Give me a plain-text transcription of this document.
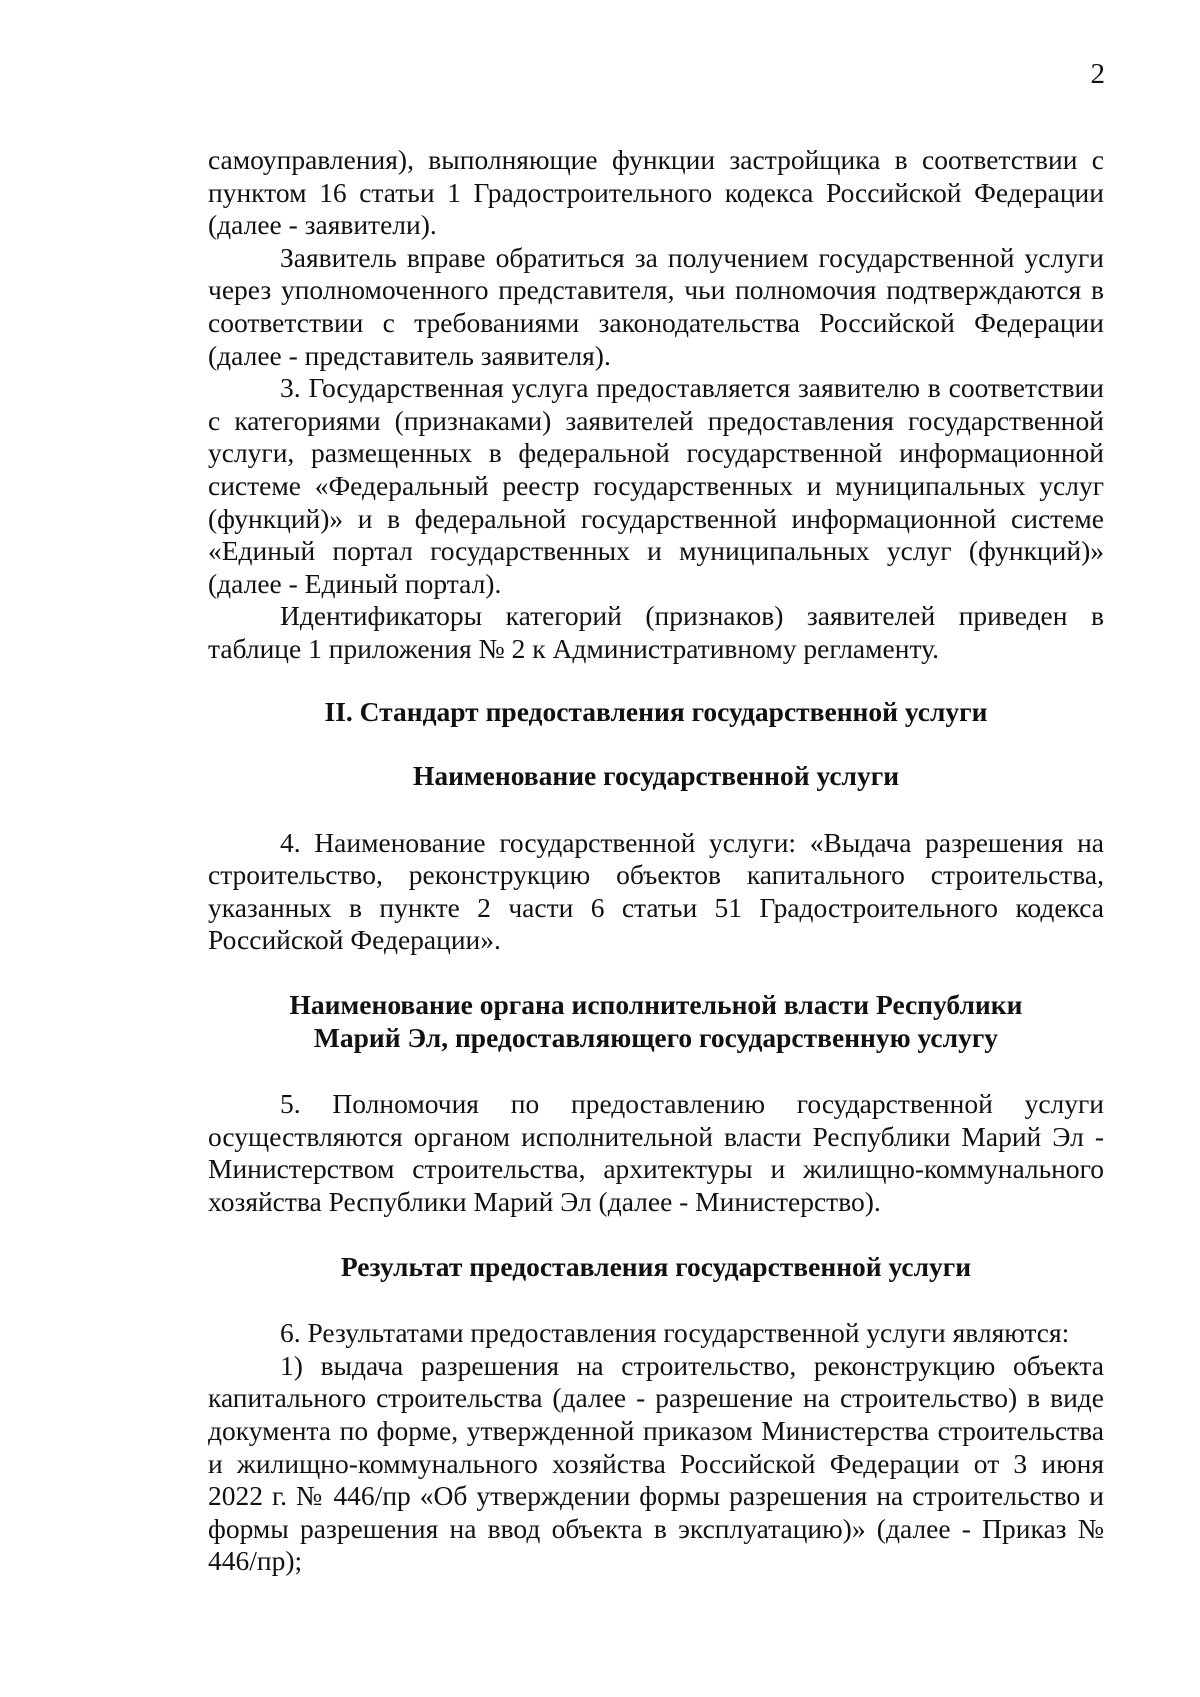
2

самоуправления), выполняющие функции застройщика в соответствии с пунктом 16 статьи 1 Градостроительного кодекса Российской Федерации (далее - заявители).

Заявитель вправе обратиться за получением государственной услуги через уполномоченного представителя, чьи полномочия подтверждаются в соответствии с требованиями законодательства Российской Федерации (далее - представитель заявителя).

3. Государственная услуга предоставляется заявителю в соответствии с категориями (признаками) заявителей предоставления государственной услуги, размещенных в федеральной государственной информационной системе «Федеральный реестр государственных и муниципальных услуг (функций)» и в федеральной государственной информационной системе «Единый портал государственных и муниципальных услуг (функций)» (далее - Единый портал).

Идентификаторы категорий (признаков) заявителей приведен в таблице 1 приложения № 2 к Административному регламенту.

II. Стандарт предоставления государственной услуги
Наименование государственной услуги

4. Наименование государственной услуги: «Выдача разрешения на строительство, реконструкцию объектов капитального строительства, указанных в пункте 2 части 6 статьи 51 Градостроительного кодекса Российской Федерации».

Наименование органа исполнительной власти Республики
Марий Эл, предоставляющего государственную услугу

5. Полномочия по предоставлению государственной услуги осуществляются органом исполнительной власти Республики Марий Эл - Министерством строительства, архитектуры и жилищно-коммунального хозяйства Республики Марий Эл (далее - Министерство).

Результат предоставления государственной услуги

6. Результатами предоставления государственной услуги являются:

1) выдача разрешения на строительство, реконструкцию объекта капитального строительства (далее - разрешение на строительство) в виде документа по форме, утвержденной приказом Министерства строительства и жилищно-коммунального хозяйства Российской Федерации от 3 июня 2022 г. № 446/пр «Об утверждении формы разрешения на строительство и формы разрешения на ввод объекта в эксплуатацию)» (далее - Приказ № 446/пр);
